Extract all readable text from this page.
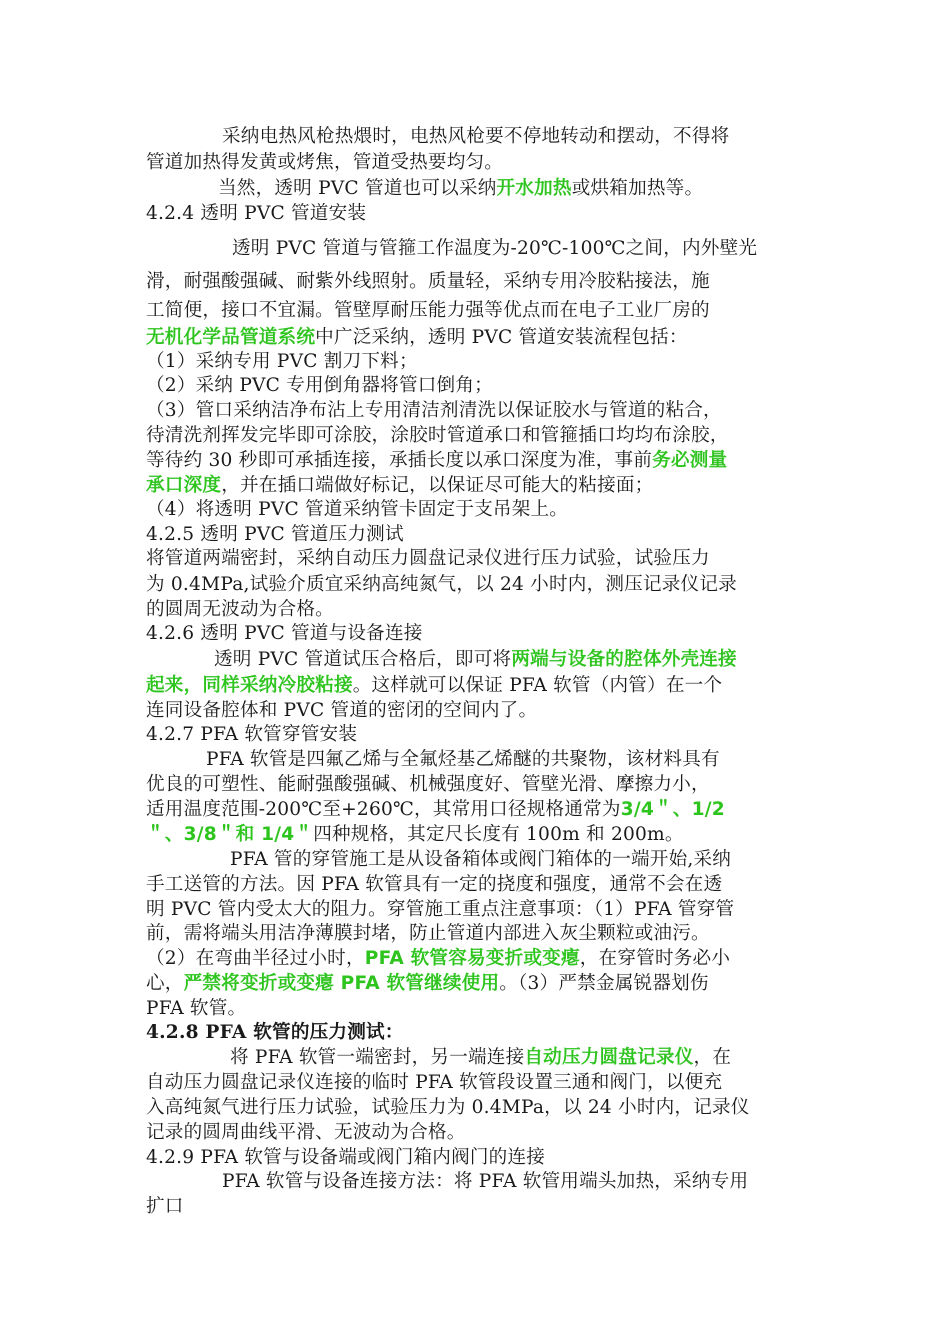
采纳电热风枪热煨时，电热风枪要不停地转动和摆动，不得将
管道加热得发黄或烤焦，管道受热要均匀。
当然，透明 PVC 管道也可以采纳开水加热或烘箱加热等。
4.2.4 透明 PVC 管道安装
透明 PVC 管道与管箍工作温度为-20℃-100℃之间，内外壁光
滑，耐强酸强碱、耐紫外线照射。质量轻，采纳专用冷胶粘接法，施
工简便，接口不宜漏。管壁厚耐压能力强等优点而在电子工业厂房的
无机化学品管道系统中广泛采纳，透明 PVC 管道安装流程包括：
（1）采纳专用 PVC 割刀下料；
（2）采纳 PVC 专用倒角器将管口倒角；
（3）管口采纳洁净布沾上专用清洁剂清洗以保证胶水与管道的粘合，
待清洗剂挥发完毕即可涂胶，涂胶时管道承口和管箍插口均均布涂胶，
等待约 30 秒即可承插连接，承插长度以承口深度为准，事前务必测量
承口深度，并在插口端做好标记，以保证尽可能大的粘接面；
（4）将透明 PVC 管道采纳管卡固定于支吊架上。
4.2.5 透明 PVC 管道压力测试
将管道两端密封，采纳自动压力圆盘记录仪进行压力试验，试验压力
为 0.4MPa,试验介质宜采纳高纯氮气，以 24 小时内，测压记录仪记录
的圆周无波动为合格。
4.2.6 透明 PVC 管道与设备连接
透明 PVC 管道试压合格后，即可将两端与设备的腔体外壳连接
起来，同样采纳冷胶粘接。这样就可以保证 PFA 软管（内管）在一个
连同设备腔体和 PVC 管道的密闭的空间内了。
4.2.7 PFA 软管穿管安装
PFA 软管是四氟乙烯与全氟烃基乙烯醚的共聚物，该材料具有
优良的可塑性、能耐强酸强碱、机械强度好、管壁光滑、摩擦力小，
适用温度范围-200℃至+260℃，其常用口径规格通常为3/4＂、1/2
＂、3/8＂和 1/4＂四种规格，其定尺长度有 100m 和 200m。
PFA 管的穿管施工是从设备箱体或阀门箱体的一端开始,采纳
手工送管的方法。因 PFA 软管具有一定的挠度和强度，通常不会在透
明 PVC 管内受太大的阻力。穿管施工重点注意事项：（1）PFA 管穿管
前，需将端头用洁净薄膜封堵，防止管道内部进入灰尘颗粒或油污。
（2）在弯曲半径过小时，PFA 软管容易变折或变瘪，在穿管时务必小
心，严禁将变折或变瘪 PFA 软管继续使用。（3）严禁金属锐器划伤
PFA 软管。
4.2.8 PFA 软管的压力测试：
将 PFA 软管一端密封，另一端连接自动压力圆盘记录仪，在
自动压力圆盘记录仪连接的临时 PFA 软管段设置三通和阀门，以便充
入高纯氮气进行压力试验，试验压力为 0.4MPa，以 24 小时内，记录仪
记录的圆周曲线平滑、无波动为合格。
4.2.9 PFA 软管与设备端或阀门箱内阀门的连接
PFA 软管与设备连接方法：将 PFA 软管用端头加热，采纳专用
扩口
